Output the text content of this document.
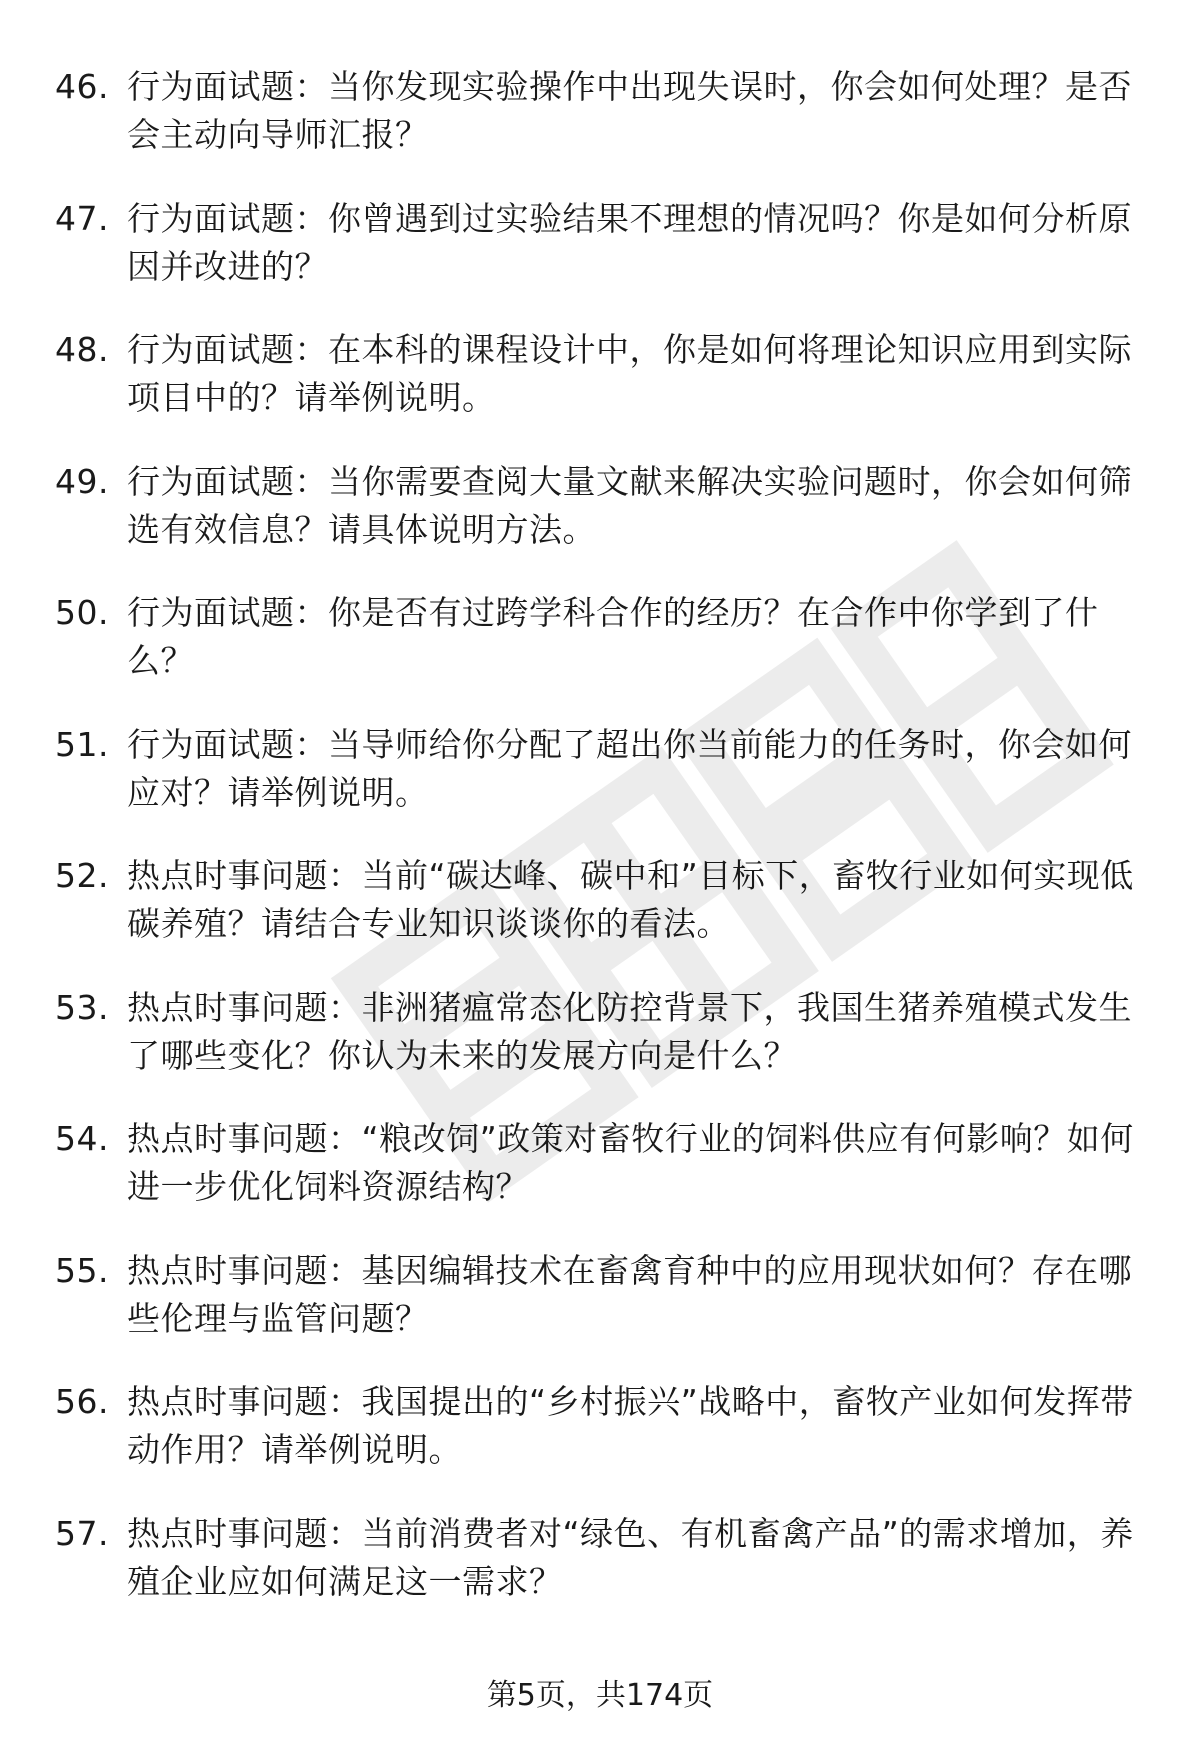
46. 行为面试题：当你发现实验操作中出现失误时，你会如何处理？是否会主动向导师汇报？
47. 行为面试题：你曾遇到过实验结果不理想的情况吗？你是如何分析原因并改进的？
48. 行为面试题：在本科的课程设计中，你是如何将理论知识应用到实际项目中的？请举例说明。
49. 行为面试题：当你需要查阅大量文献来解决实验问题时，你会如何筛选有效信息？请具体说明方法。
50. 行为面试题：你是否有过跨学科合作的经历？在合作中你学到了什么？
51. 行为面试题：当导师给你分配了超出你当前能力的任务时，你会如何应对？请举例说明。
52. 热点时事问题：当前“碳达峰、碳中和”目标下，畜牧行业如何实现低碳养殖？请结合专业知识谈谈你的看法。
53. 热点时事问题：非洲猪瘟常态化防控背景下，我国生猪养殖模式发生了哪些变化？你认为未来的发展方向是什么？
54. 热点时事问题：“粮改饲”政策对畜牧行业的饲料供应有何影响？如何进一步优化饲料资源结构？
55. 热点时事问题：基因编辑技术在畜禽育种中的应用现状如何？存在哪些伦理与监管问题？
56. 热点时事问题：我国提出的“乡村振兴”战略中，畜牧产业如何发挥带动作用？请举例说明。
57. 热点时事问题：当前消费者对“绿色、有机畜禽产品”的需求增加，养殖企业应如何满足这一需求？
第5页，共174页
